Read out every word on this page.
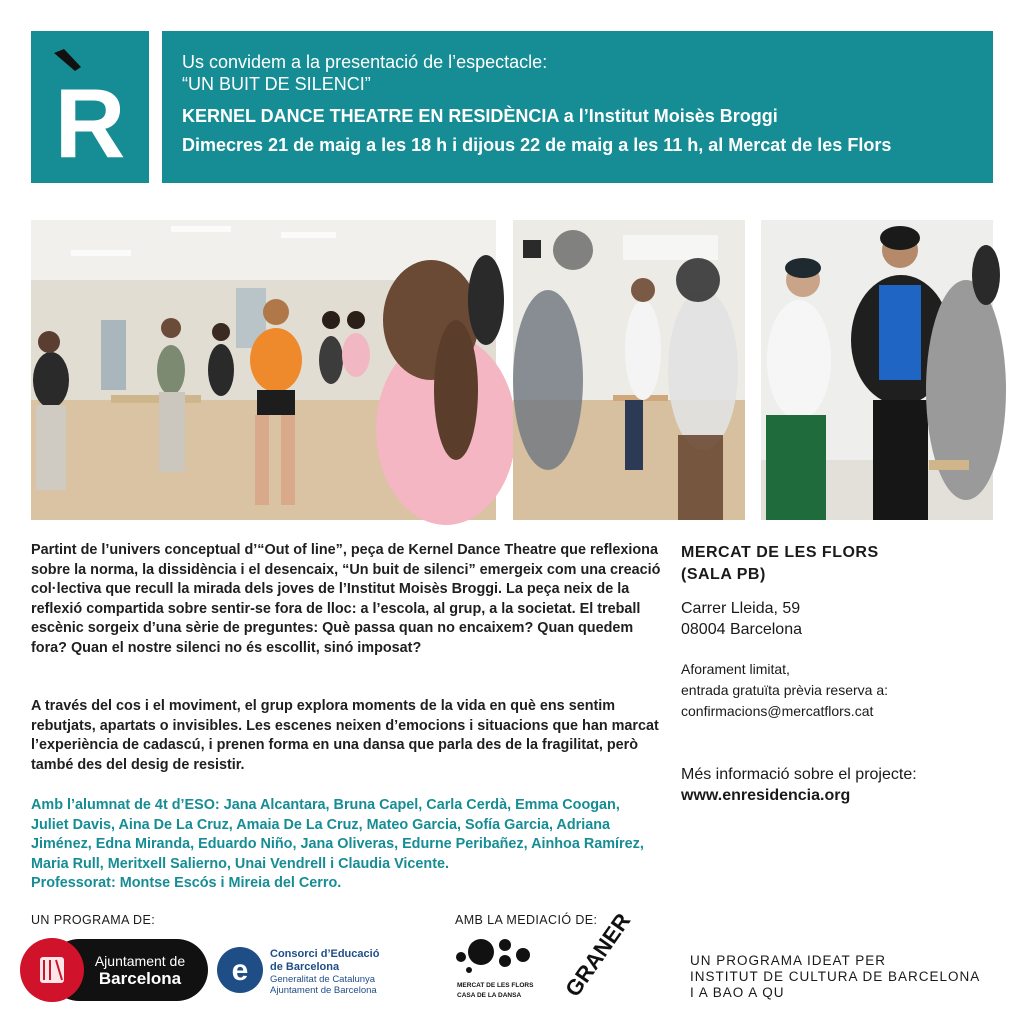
R
Us convidem a la presentació de l’espectacle:
“UN BUIT DE SILENCI”
KERNEL DANCE THEATRE EN RESIDÈNCIA a l’Institut Moisès Broggi
Dimecres 21 de maig a les 18 h i dijous 22 de maig a les 11 h, al Mercat de les Flors

Partint de l’univers conceptual d’“Out of line”, peça de Kernel Dance Theatre que reflexiona sobre la norma, la dissidència i el desencaix, “Un buit de silenci” emergeix com una creació col·lectiva que recull la mirada dels joves de l’Institut Moisès Broggi. La peça neix de la reflexió compartida sobre sentir-se fora de lloc: a l’escola, al grup, a la societat. El treball escènic sorgeix d’una sèrie de preguntes: Què passa quan no encaixem? Quan quedem fora? Quan el nostre silenci no és escollit, sinó imposat?

A través del cos i el moviment, el grup explora moments de la vida en què ens sentim rebutjats, apartats o invisibles. Les escenes neixen d’emocions i situacions que han marcat l’experiència de cadascú, i prenen forma en una dansa que parla des de la fragilitat, però també des del desig de resistir.

Amb l’alumnat de 4t d’ESO: Jana Alcantara, Bruna Capel, Carla Cerdà, Emma Coogan, Juliet Davis, Aina De La Cruz, Amaia De La Cruz, Mateo Garcia, Sofía Garcia, Adriana Jiménez, Edna Miranda, Eduardo Niño, Jana Oliveras, Edurne Peribañez, Ainhoa Ramírez, Maria Rull, Meritxell Salierno, Unai Vendrell i Claudia Vicente.
Professorat: Montse Escós i Mireia del Cerro.
MERCAT DE LES FLORS
(SALA PB)
Carrer Lleida, 59
08004 Barcelona
Aforament limitat,
entrada gratuïta prèvia reserva a:
confirmacions@mercatflors.cat
Més informació sobre el projecte:
www.enresidencia.org
UN PROGRAMA DE:	AMB LA MEDIACIÓ DE:
Ajuntament de
Barcelona e Consorci d’Educació
de Barcelona
Generalitat de Catalunya
Ajuntament de Barcelona	MERCAT DE LES FLORS
CASA DE LA DANSA GRANER	UN PROGRAMA IDEAT PER
INSTITUT DE CULTURA DE BARCELONA
I A BAO A QU
